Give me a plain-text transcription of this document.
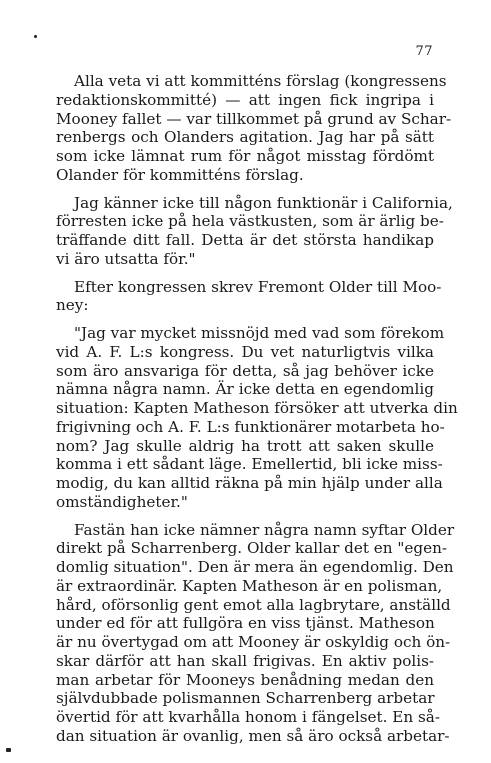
77
Alla veta vi att kommitténs förslag (kongressens
redaktionskommitté) — att ingen fick ingripa i
Mooney fallet — var tillkommet på grund av Schar-
renbergs och Olanders agitation. Jag har på sätt
som icke lämnat rum för något misstag fördömt
Olander för kommitténs förslag.
Jag känner icke till någon funktionär i California,
förresten icke på hela västkusten, som är ärlig be-
träffande ditt fall. Detta är det största handikap
vi äro utsatta för."
Efter kongressen skrev Fremont Older till Moo-
ney:
"Jag var mycket missnöjd med vad som förekom
vid A. F. L:s kongress. Du vet naturligtvis vilka
som äro ansvariga för detta, så jag behöver icke
nämna några namn. Är icke detta en egendomlig
situation: Kapten Matheson försöker att utverka din
frigivning och A. F. L:s funktionärer motarbeta ho-
nom? Jag skulle aldrig ha trott att saken skulle
komma i ett sådant läge. Emellertid, bli icke miss-
modig, du kan alltid räkna på min hjälp under alla
omständigheter."
Fastän han icke nämner några namn syftar Older
direkt på Scharrenberg. Older kallar det en "egen-
domlig situation". Den är mera än egendomlig. Den
är extraordinär. Kapten Matheson är en polisman,
hård, oförsonlig gent emot alla lagbrytare, anställd
under ed för att fullgöra en viss tjänst. Matheson
är nu övertygad om att Mooney är oskyldig och ön-
skar därför att han skall frigivas. En aktiv polis-
man arbetar för Mooneys benådning medan den
självdubbade polismannen Scharrenberg arbetar
övertid för att kvarhålla honom i fängelset. En så-
dan situation är ovanlig, men så äro också arbetar-
